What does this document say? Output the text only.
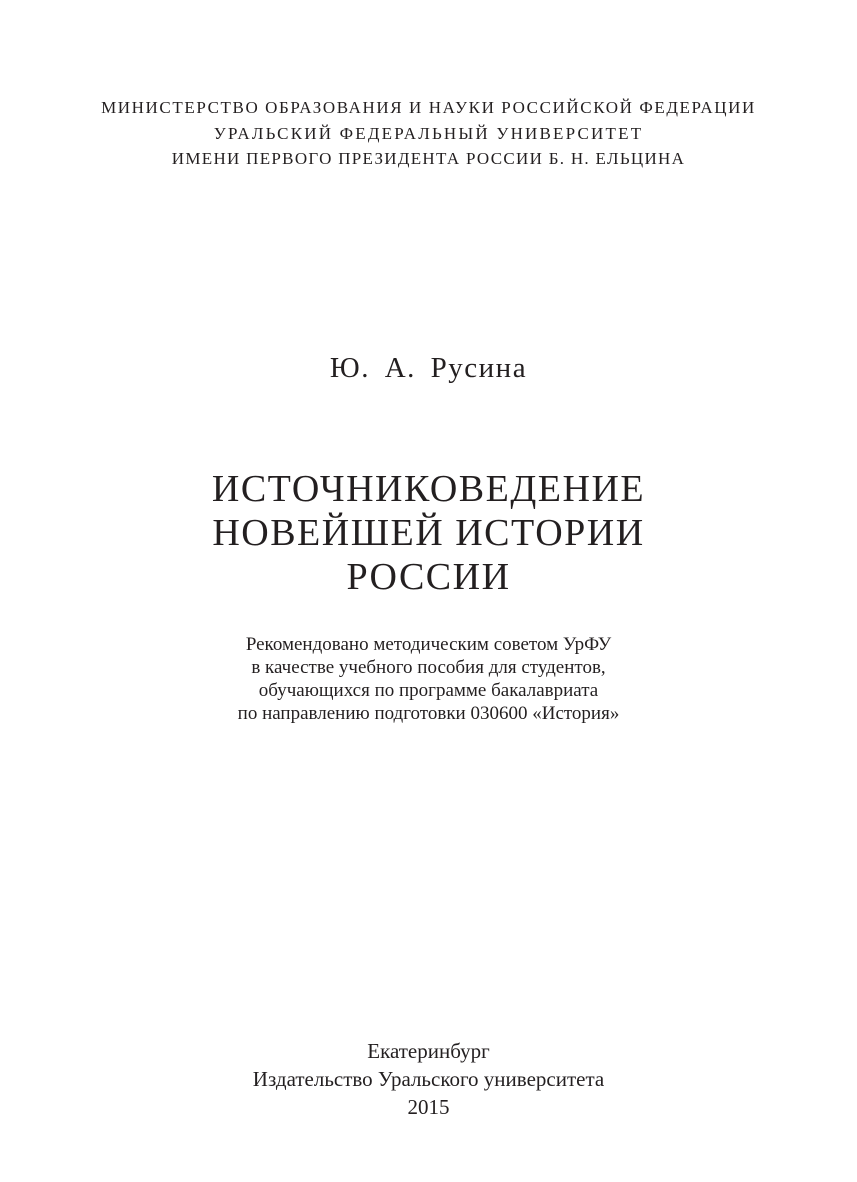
МИНИСТЕРСТВО ОБРАЗОВАНИЯ И НАУКИ РОССИЙСКОЙ ФЕДЕРАЦИИ
УРАЛЬСКИЙ ФЕДЕРАЛЬНЫЙ УНИВЕРСИТЕТ
ИМЕНИ ПЕРВОГО ПРЕЗИДЕНТА РОССИИ Б. Н. ЕЛЬЦИНА
Ю. А. Русина
ИСТОЧНИКОВЕДЕНИЕ
НОВЕЙШЕЙ ИСТОРИИ
РОССИИ
Рекомендовано методическим советом УрФУ
в качестве учебного пособия для студентов,
обучающихся по программе бакалавриата
по направлению подготовки 030600 «История»
Екатеринбург
Издательство Уральского университета
2015
